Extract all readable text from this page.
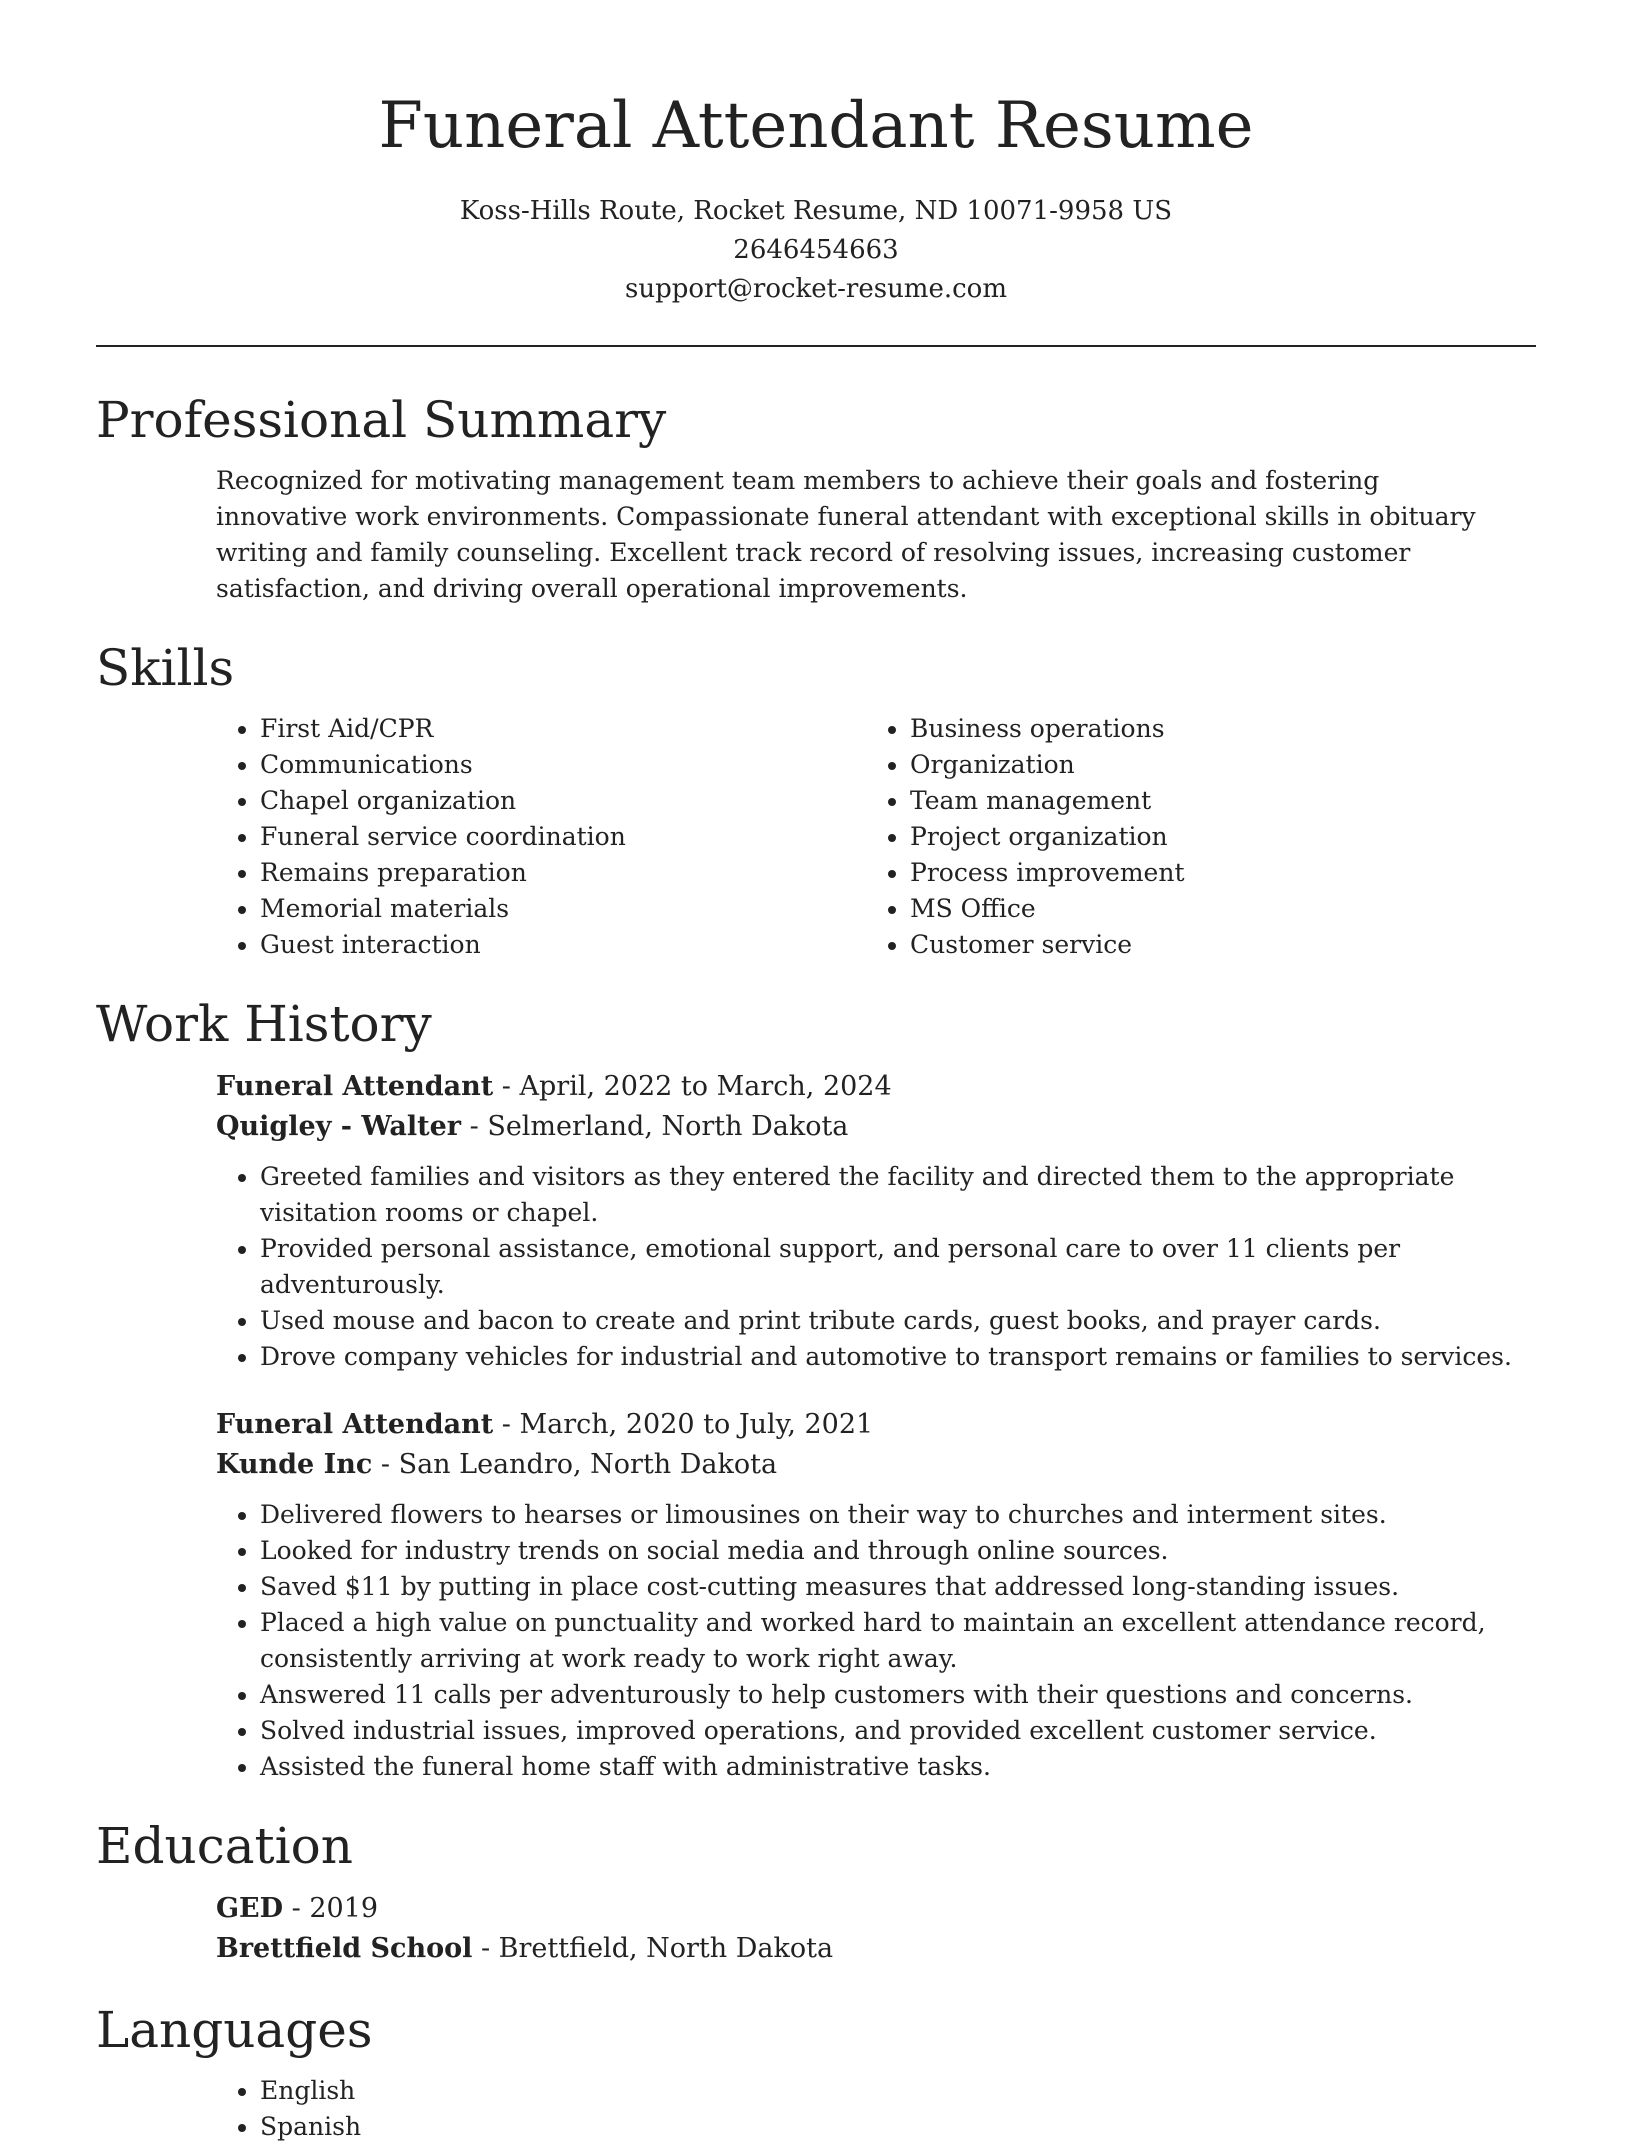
Funeral Attendant Resume
Koss-Hills Route, Rocket Resume, ND 10071-9958 US
2646454663
support@rocket-resume.com
Professional Summary

Recognized for motivating management team members to achieve their goals and fostering innovative work environments. Compassionate funeral attendant with exceptional skills in obituary writing and family counseling. Excellent track record of resolving issues, increasing customer satisfaction, and driving overall operational improvements.

Skills
• First Aid/CPR
• Communications
• Chapel organization
• Funeral service coordination
• Remains preparation
• Memorial materials
• Guest interaction
• Business operations
• Organization
• Team management
• Project organization
• Process improvement
• MS Office
• Customer service
Work History

Funeral Attendant - April, 2022 to March, 2024

Quigley - Walter - Selmerland, North Dakota

• Greeted families and visitors as they entered the facility and directed them to the appropriate visitation rooms or chapel.
• Provided personal assistance, emotional support, and personal care to over 11 clients per adventurously.
• Used mouse and bacon to create and print tribute cards, guest books, and prayer cards.
• Drove company vehicles for industrial and automotive to transport remains or families to services.

Funeral Attendant - March, 2020 to July, 2021

Kunde Inc - San Leandro, North Dakota

• Delivered flowers to hearses or limousines on their way to churches and interment sites.
• Looked for industry trends on social media and through online sources.
• Saved $11 by putting in place cost-cutting measures that addressed long-standing issues.
• Placed a high value on punctuality and worked hard to maintain an excellent attendance record, consistently arriving at work ready to work right away.
• Answered 11 calls per adventurously to help customers with their questions and concerns.
• Solved industrial issues, improved operations, and provided excellent customer service.
• Assisted the funeral home staff with administrative tasks.
Education

GED - 2019

Brettfield School - Brettfield, North Dakota

Languages
• English
• Spanish
